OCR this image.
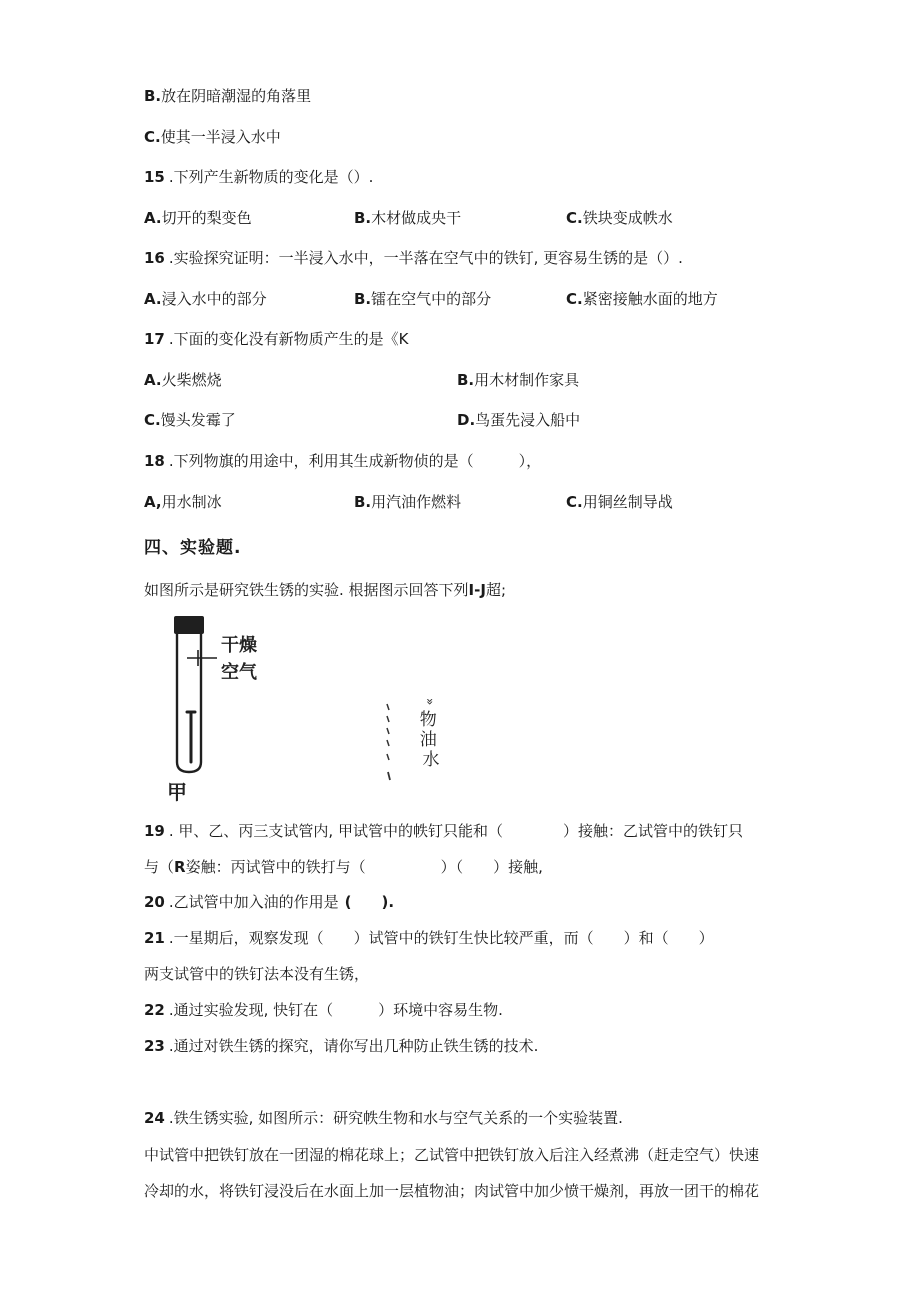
B.放在阴暗潮湿的角落里
C.使其一半浸入水中
15 .下列产生新物质的变化是（）.
A.切开的梨变色	B.木材做成央干	C.铁块变成帙水
16 .实验探究证明：一半浸入水中，一半落在空气中的铁钉, 更容易生锈的是（）.
A.浸入水中的部分	B.镭在空气中的部分	C.紧密接触水面的地方
17 .下面的变化没有新物质产生的是《K
A.火柴燃烧	B.用木材制作家具
C.馒头发霉了	D.鸟蛋先浸入船中
18 .下列物旗的用途中，利用其生成新物侦的是（　　　），
A,用水制冰	B.用汽油作燃料	C.用铜丝制导战
四、实验题.
如图所示是研究铁生锈的实验. 根据图示回答下列I-J超;
干燥
空气
甲
»
物 油 水
19 . 甲、乙、丙三支试管内, 甲试管中的帙钉只能和（　　　　）接触：乙试管中的铁钉只
与（R姿触：丙试管中的铁打与（　　　　　）（　　）接触,
20 .乙试管中加入油的作用是 (　　).
21 .一星期后，观察发现（　　）试管中的铁钉生快比较严重，而（　　）和（　　）
两支试管中的铁钉法本没有生锈，
22 .通过实验发现, 快钉在（　　　）环境中容易生物.
23 .通过对铁生锈的探究，请你写出几种防止铁生锈的技术.
24 .铁生锈实验, 如图所示：研究帙生物和水与空气关系的一个实验装置.
中试管中把铁钉放在一团湿的棉花球上；乙试管中把铁钉放入后注入经煮沸（赶走空气）快速
冷却的水，将铁钉浸没后在水面上加一层植物油；肉试管中加少愤干燥剂，再放一团干的棉花
